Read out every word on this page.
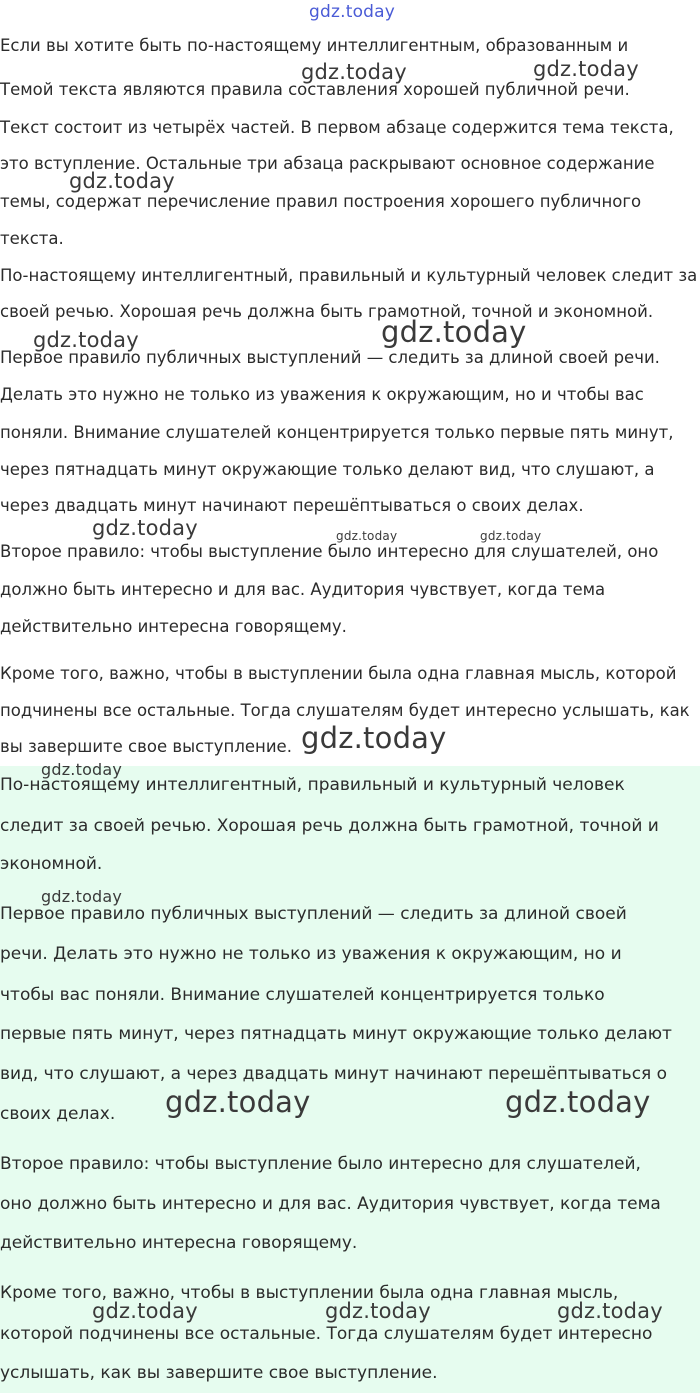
gdz.today

Если вы хотите быть по-настоящему интеллигентным, образованным и

Темой текста являются правила составления хорошей публичной речи.

Текст состоит из четырёх частей. В первом абзаце содержится тема текста,

это вступление. Остальные три абзаца раскрывают основное содержание

темы, содержат перечисление правил построения хорошего публичного

текста.

По-настоящему интеллигентный, правильный и культурный человек следит за

своей речью. Хорошая речь должна быть грамотной, точной и экономной.

Первое правило публичных выступлений — следить за длиной своей речи.

Делать это нужно не только из уважения к окружающим, но и чтобы вас

поняли. Внимание слушателей концентрируется только первые пять минут,

через пятнадцать минут окружающие только делают вид, что слушают, а

через двадцать минут начинают перешёптываться о своих делах.

Второе правило: чтобы выступление было интересно для слушателей, оно

должно быть интересно и для вас. Аудитория чувствует, когда тема

действительно интересна говорящему.

Кроме того, важно, чтобы в выступлении была одна главная мысль, которой

подчинены все остальные. Тогда слушателям будет интересно услышать, как

вы завершите свое выступление.

По-настоящему интеллигентный, правильный и культурный человек

следит за своей речью. Хорошая речь должна быть грамотной, точной и

экономной.

Первое правило публичных выступлений — следить за длиной своей

речи. Делать это нужно не только из уважения к окружающим, но и

чтобы вас поняли. Внимание слушателей концентрируется только

первые пять минут, через пятнадцать минут окружающие только делают

вид, что слушают, а через двадцать минут начинают перешёптываться о

своих делах.

Второе правило: чтобы выступление было интересно для слушателей,

оно должно быть интересно и для вас. Аудитория чувствует, когда тема

действительно интересна говорящему.

Кроме того, важно, чтобы в выступлении была одна главная мысль,

которой подчинены все остальные. Тогда слушателям будет интересно

услышать, как вы завершите свое выступление.

gdz.today	gdz.today
gdz.today
gdz.today	gdz.today
gdz.today	gdz.today	gdz.today
gdz.today
gdz.today
gdz.today
gdz.today	gdz.today
gdz.today	gdz.today	gdz.today
